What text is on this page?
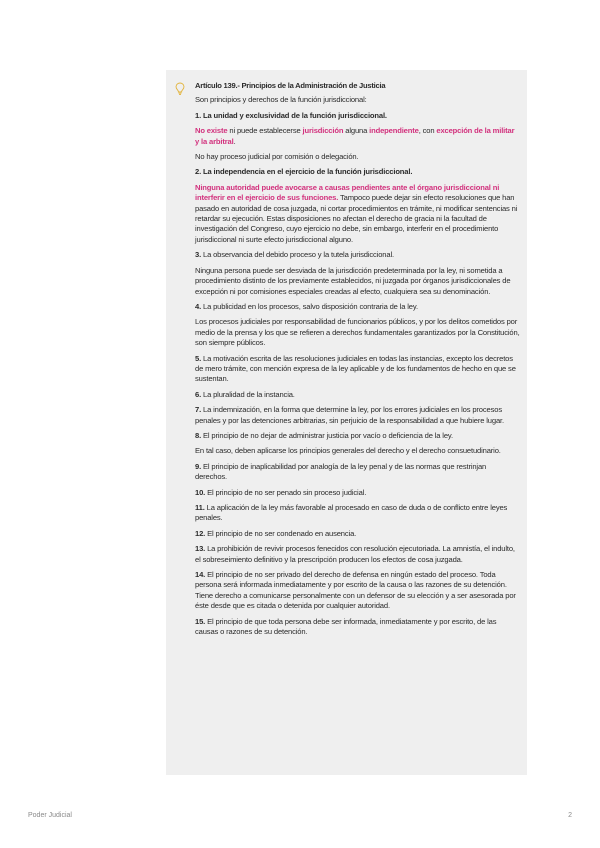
Artículo 139.- Principios de la Administración de Justicia

Son principios y derechos de la función jurisdiccional:

1. La unidad y exclusividad de la función jurisdiccional.

No existe ni puede establecerse jurisdicción alguna independiente, con excepción de la militar y la arbitral.

No hay proceso judicial por comisión o delegación.

2. La independencia en el ejercicio de la función jurisdiccional.

Ninguna autoridad puede avocarse a causas pendientes ante el órgano jurisdiccional ni interferir en el ejercicio de sus funciones. Tampoco puede dejar sin efecto resoluciones que han pasado en autoridad de cosa juzgada, ni cortar procedimientos en trámite, ni modificar sentencias ni retardar su ejecución. Estas disposiciones no afectan el derecho de gracia ni la facultad de investigación del Congreso, cuyo ejercicio no debe, sin embargo, interferir en el procedimiento jurisdiccional ni surte efecto jurisdiccional alguno.

3. La observancia del debido proceso y la tutela jurisdiccional.

Ninguna persona puede ser desviada de la jurisdicción predeterminada por la ley, ni sometida a procedimiento distinto de los previamente establecidos, ni juzgada por órganos jurisdiccionales de excepción ni por comisiones especiales creadas al efecto, cualquiera sea su denominación.

4. La publicidad en los procesos, salvo disposición contraria de la ley.

Los procesos judiciales por responsabilidad de funcionarios públicos, y por los delitos cometidos por medio de la prensa y los que se refieren a derechos fundamentales garantizados por la Constitución, son siempre públicos.

5. La motivación escrita de las resoluciones judiciales en todas las instancias, excepto los decretos de mero trámite, con mención expresa de la ley aplicable y de los fundamentos de hecho en que se sustentan.

6. La pluralidad de la instancia.

7. La indemnización, en la forma que determine la ley, por los errores judiciales en los procesos penales y por las detenciones arbitrarias, sin perjuicio de la responsabilidad a que hubiere lugar.

8. El principio de no dejar de administrar justicia por vacío o deficiencia de la ley.

En tal caso, deben aplicarse los principios generales del derecho y el derecho consuetudinario.

9. El principio de inaplicabilidad por analogía de la ley penal y de las normas que restrinjan derechos.

10. El principio de no ser penado sin proceso judicial.

11. La aplicación de la ley más favorable al procesado en caso de duda o de conflicto entre leyes penales.

12. El principio de no ser condenado en ausencia.

13. La prohibición de revivir procesos fenecidos con resolución ejecutoriada. La amnistía, el indulto, el sobreseimiento definitivo y la prescripción producen los efectos de cosa juzgada.

14. El principio de no ser privado del derecho de defensa en ningún estado del proceso. Toda persona será informada inmediatamente y por escrito de la causa o las razones de su detención. Tiene derecho a comunicarse personalmente con un defensor de su elección y a ser asesorada por éste desde que es citada o detenida por cualquier autoridad.

15. El principio de que toda persona debe ser informada, inmediatamente y por escrito, de las causas o razones de su detención.

Poder Judicial	2
